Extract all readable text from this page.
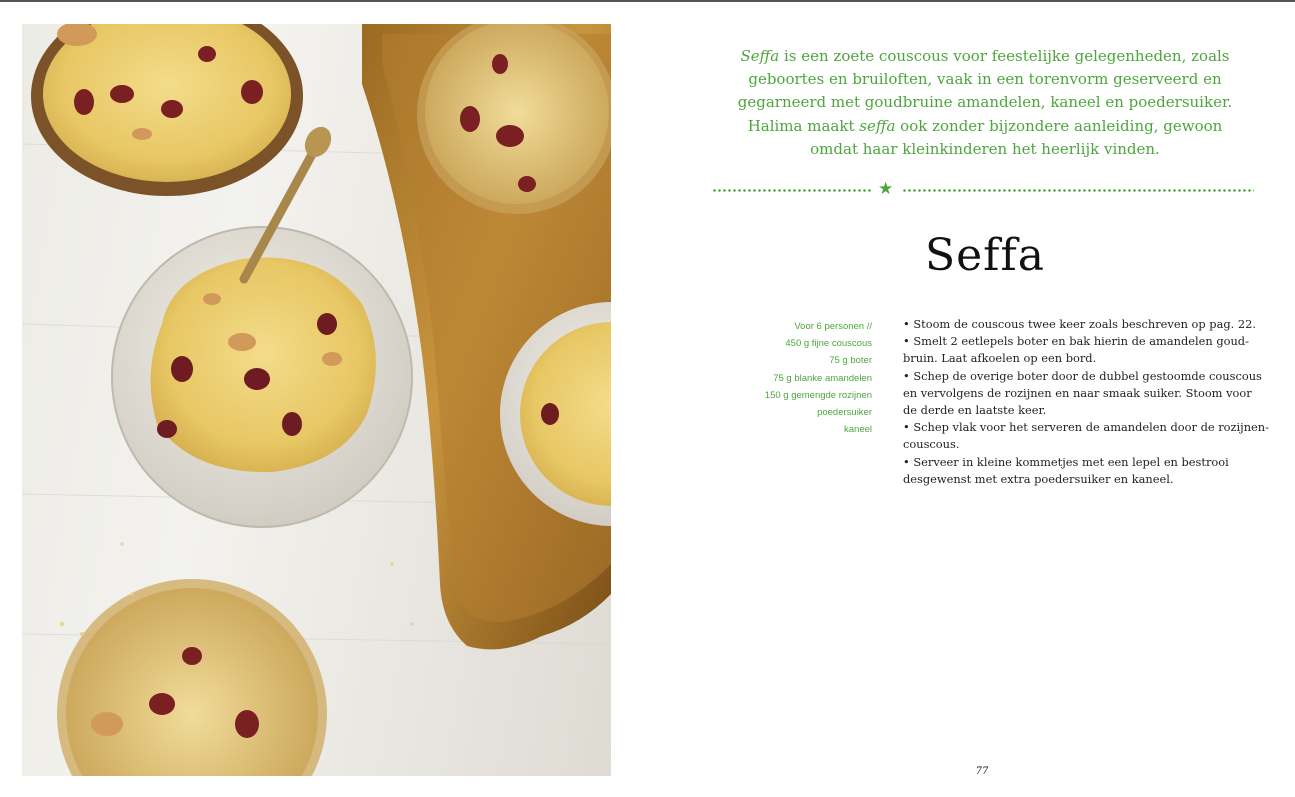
Seffa is een zoete couscous voor feestelijke gelegenheden, zoals
geboortes en bruiloften, vaak in een torenvorm geserveerd en
gegarneerd met goudbruine amandelen, kaneel en poedersuiker.
Halima maakt seffa ook zonder bijzondere aanleiding, gewoon
omdat haar kleinkinderen het heerlijk vinden.
★
Seffa
Voor 6 personen //
450 g fijne couscous
75 g boter
75 g blanke amandelen
150 g gemengde rozijnen
poedersuiker
kaneel
• Stoom de couscous twee keer zoals beschreven op pag. 22.
• Smelt 2 eetlepels boter en bak hierin de amandelen goud-
bruin. Laat afkoelen op een bord.
• Schep de overige boter door de dubbel gestoomde couscous
en vervolgens de rozijnen en naar smaak suiker. Stoom voor
de derde en laatste keer.
• Schep vlak voor het serveren de amandelen door de rozijnen-
couscous.
• Serveer in kleine kommetjes met een lepel en bestrooi
desgewenst met extra poedersuiker en kaneel.
77
